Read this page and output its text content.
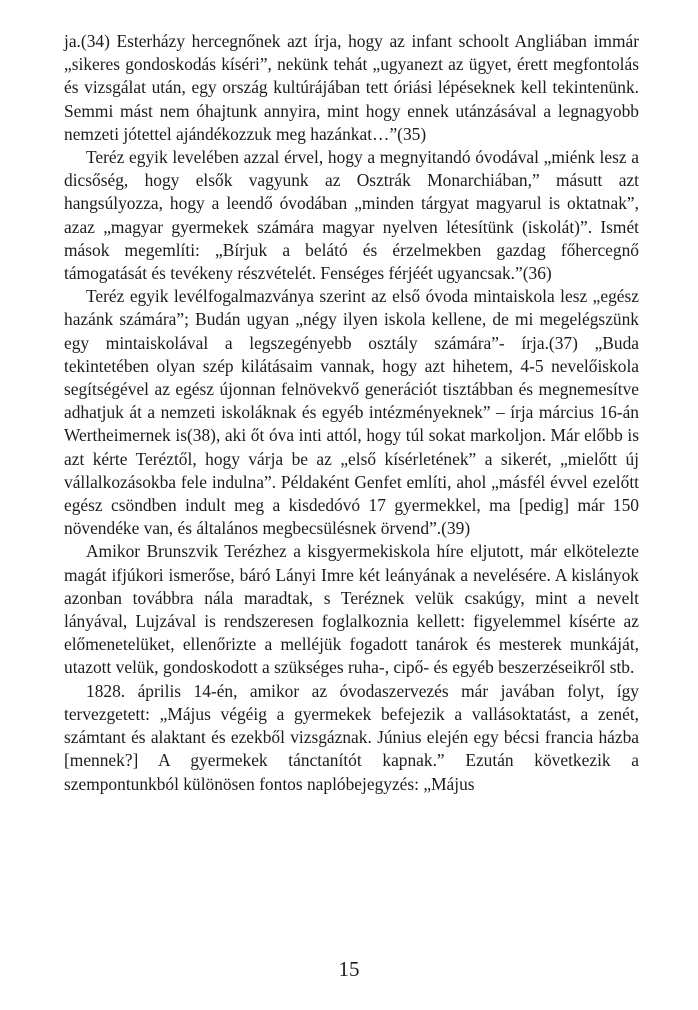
ja.(34) Esterházy hercegnőnek azt írja, hogy az infant schoolt Angliában immár „sikeres gondoskodás kíséri”, nekünk tehát „ugyanezt az ügyet, érett megfontolás és vizsgálat után, egy ország kultúrájában tett óriási lépéseknek kell tekintenünk. Semmi mást nem óhajtunk annyira, mint hogy ennek utánzásával a legnagyobb nemzeti jótettel ajándékozzuk meg hazánkat…”(35)

Teréz egyik levelében azzal érvel, hogy a megnyitandó óvodával „miénk lesz a dicsőség, hogy elsők vagyunk az Osztrák Monarchiában,” másutt azt hangsúlyozza, hogy a leendő óvodában „minden tárgyat magyarul is oktatnak”, azaz „magyar gyermekek számára magyar nyelven létesítünk (iskolát)”. Ismét mások megemlíti: „Bírjuk a belátó és érzelmekben gazdag főhercegnő támogatását és tevékeny részvételét. Fenséges férjéét ugyancsak.”(36)

Teréz egyik levélfogalmazványa szerint az első óvoda mintaiskola lesz „egész hazánk számára”; Budán ugyan „négy ilyen iskola kellene, de mi megelégszünk egy mintaiskolával a legszegényebb osztály számára”- írja.(37) „Buda tekintetében olyan szép kilátásaim vannak, hogy azt hihetem, 4-5 nevelőiskola segítségével az egész újonnan felnövekvő generációt tisztábban és megnemesítve adhatjuk át a nemzeti iskoláknak és egyéb intézményeknek” – írja március 16-án Wertheimernek is(38), aki őt óva inti attól, hogy túl sokat markoljon. Már előbb is azt kérte Teréztől, hogy várja be az „első kísérletének” a sikerét, „mielőtt új vállalkozásokba fele indulna”. Példaként Genfet említi, ahol „másfél évvel ezelőtt egész csöndben indult meg a kisdedóvó 17 gyermekkel, ma [pedig] már 150 növendéke van, és általános megbecsülésnek örvend”.(39)

Amikor Brunszvik Terézhez a kisgyermekiskola híre eljutott, már elkötelezte magát ifjúkori ismerőse, báró Lányi Imre két leányának a nevelésére. A kislányok azonban továbbra nála maradtak, s Teréznek velük csakúgy, mint a nevelt lányával, Lujzával is rendszeresen foglalkoznia kellett: figyelemmel kísérte az előmenetelüket, ellenőrizte a melléjük fogadott tanárok és mesterek munkáját, utazott velük, gondoskodott a szükséges ruha-, cipő- és egyéb beszerzéseikről stb.

1828. április 14-én, amikor az óvodaszervezés már javában folyt, így tervezgetett: „Május végéig a gyermekek befejezik a vallásoktatást, a zenét, számtant és alaktant és ezekből vizsgáznak. Június elején egy bécsi francia házba [mennek?] A gyermekek tánctanítót kapnak.” Ezután következik a szempontunkból különösen fontos naplóbejegyzés: „Május

15
